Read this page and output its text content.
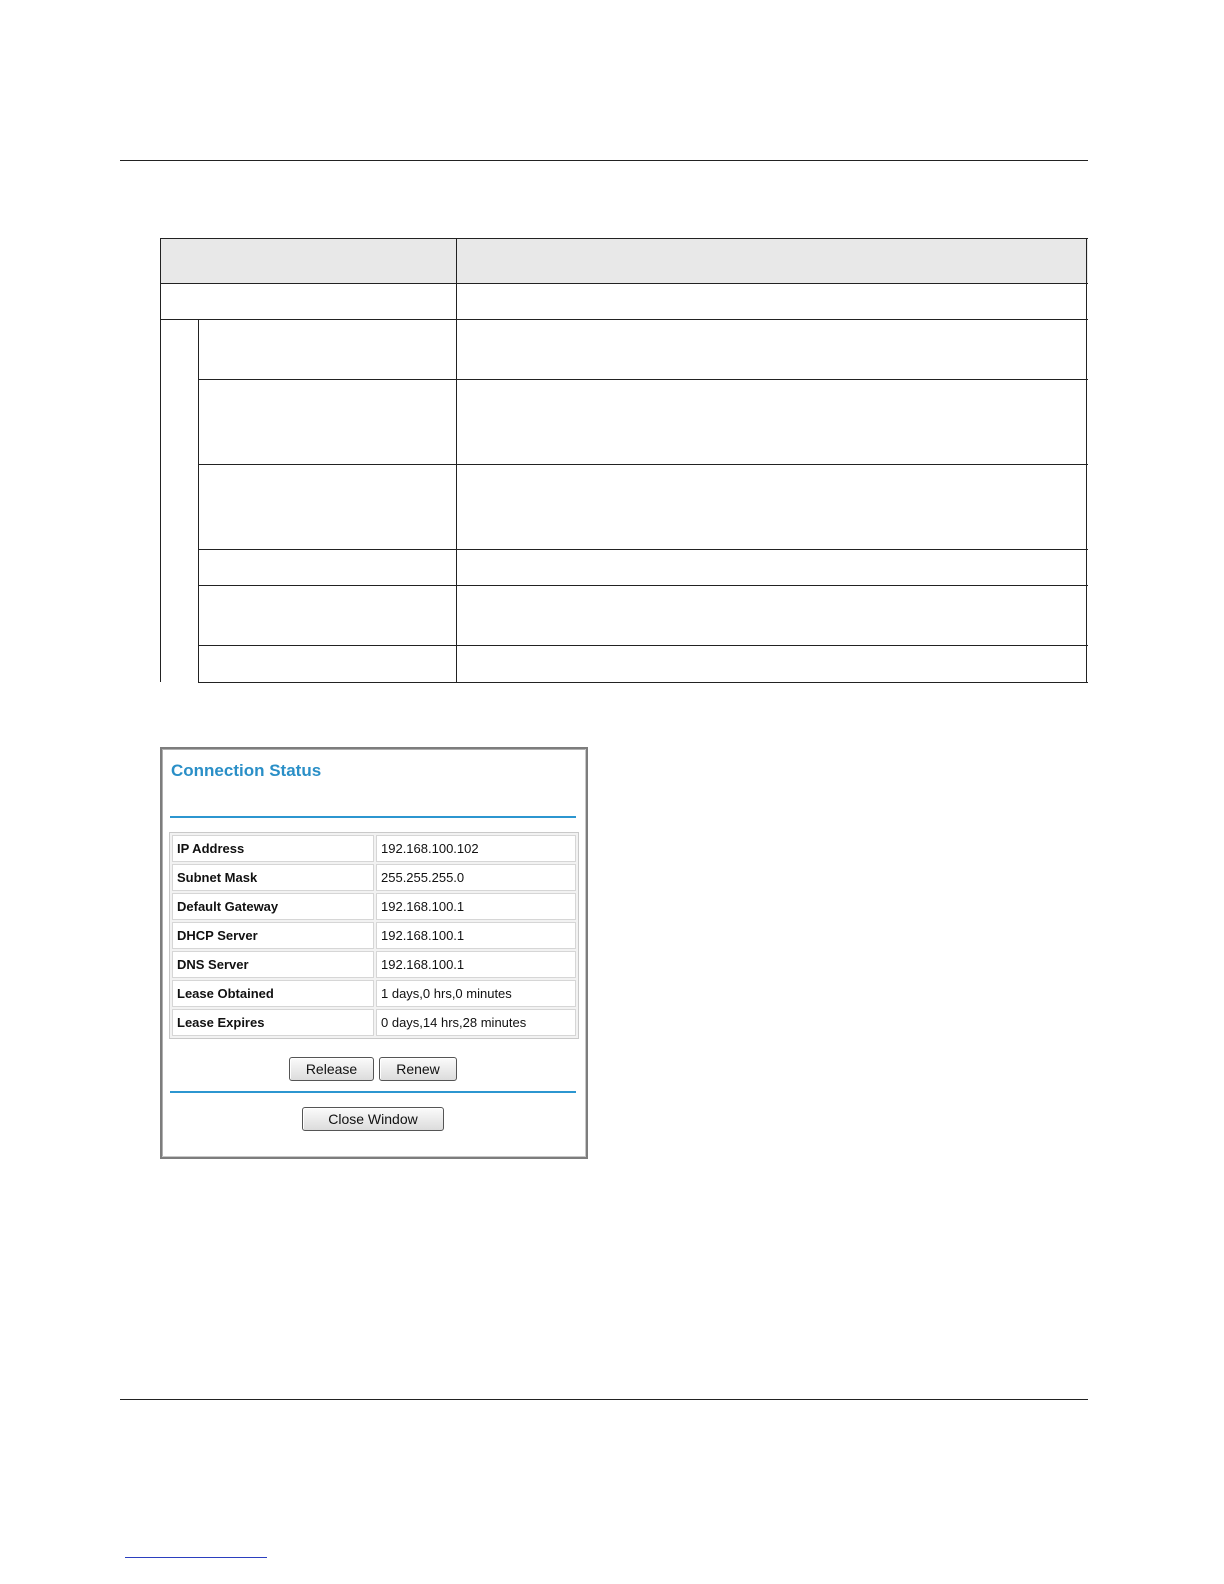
Connection Status
IP Address	192.168.100.102
Subnet Mask	255.255.255.0
Default Gateway	192.168.100.1
DHCP Server	192.168.100.1
DNS Server	192.168.100.1
Lease Obtained	1 days,0 hrs,0 minutes
Lease Expires	0 days,14 hrs,28 minutes
Release	Renew
Close Window
